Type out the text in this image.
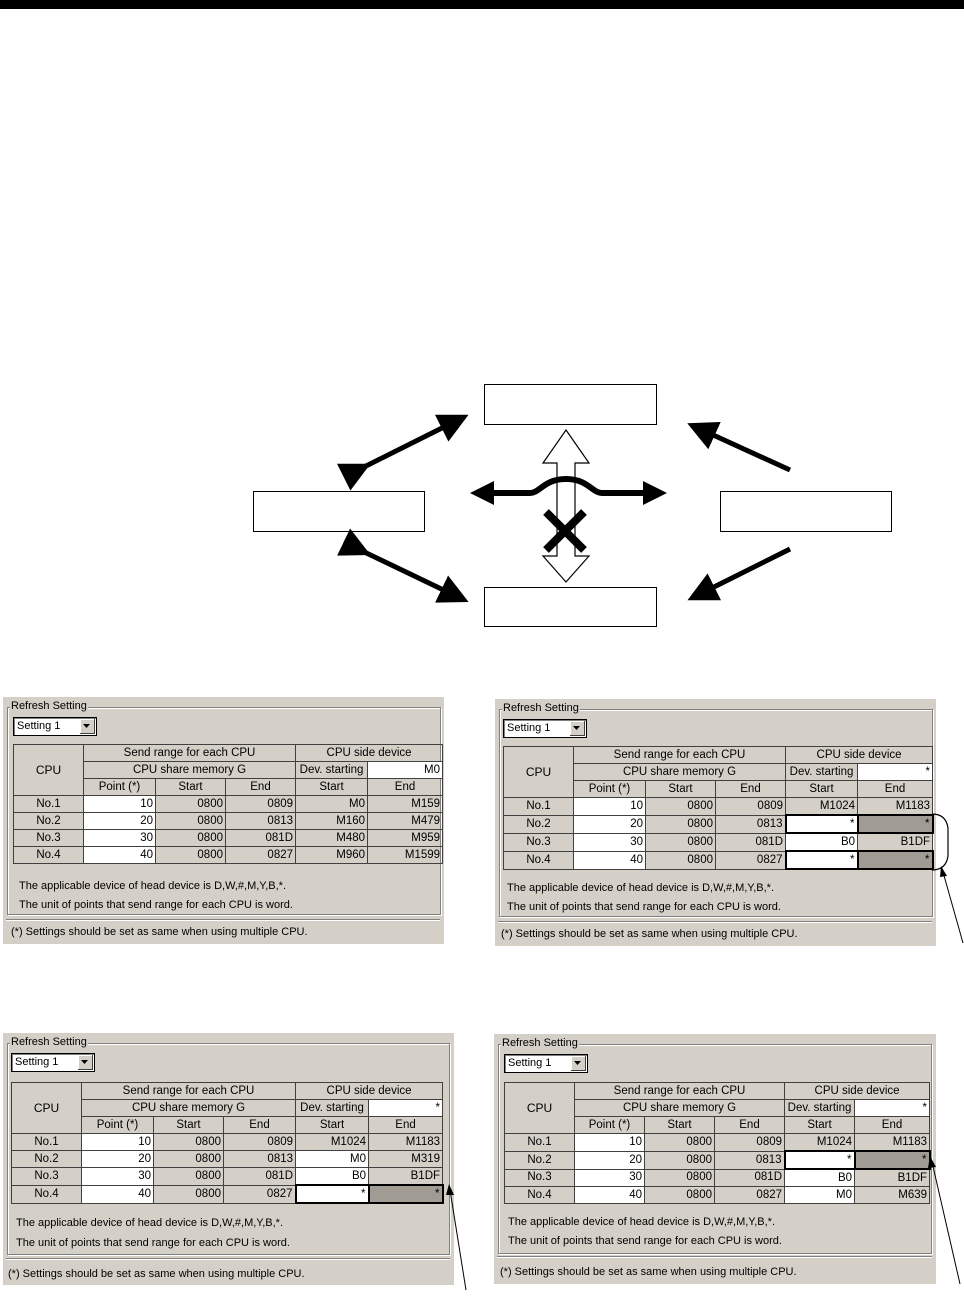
Refresh Setting
Setting 1
CPU	Send range for each CPU			CPU side device	
	CPU share memory G			Dev. starting	M0
	Point (*)	Start	End	Start	End
No.1	10	0800	0809	M0	M159
No.2	20	0800	0813	M160	M479
No.3	30	0800	081D	M480	M959
No.4	40	0800	0827	M960	M1599
The applicable device of head device is D,W,#,M,Y,B,*.
The unit of points that send range for each CPU is word.
(*) Settings should be set as same when using multiple CPU.
Refresh Setting
Setting 1
CPU	Send range for each CPU			CPU side device	
	CPU share memory G			Dev. starting	*
	Point (*)	Start	End	Start	End
No.1	10	0800	0809	M1024	M1183
No.2	20	0800	0813	*	*
No.3	30	0800	081D	B0	B1DF
No.4	40	0800	0827	*	*
The applicable device of head device is D,W,#,M,Y,B,*.
The unit of points that send range for each CPU is word.
(*) Settings should be set as same when using multiple CPU.
Refresh Setting
Setting 1
CPU	Send range for each CPU			CPU side device	
	CPU share memory G			Dev. starting	*
	Point (*)	Start	End	Start	End
No.1	10	0800	0809	M1024	M1183
No.2	20	0800	0813	M0	M319
No.3	30	0800	081D	B0	B1DF
No.4	40	0800	0827	*	*
The applicable device of head device is D,W,#,M,Y,B,*.
The unit of points that send range for each CPU is word.
(*) Settings should be set as same when using multiple CPU.
Refresh Setting
Setting 1
CPU	Send range for each CPU			CPU side device	
	CPU share memory G			Dev. starting	*
	Point (*)	Start	End	Start	End
No.1	10	0800	0809	M1024	M1183
No.2	20	0800	0813	*	*
No.3	30	0800	081D	B0	B1DF
No.4	40	0800	0827	M0	M639
The applicable device of head device is D,W,#,M,Y,B,*.
The unit of points that send range for each CPU is word.
(*) Settings should be set as same when using multiple CPU.
